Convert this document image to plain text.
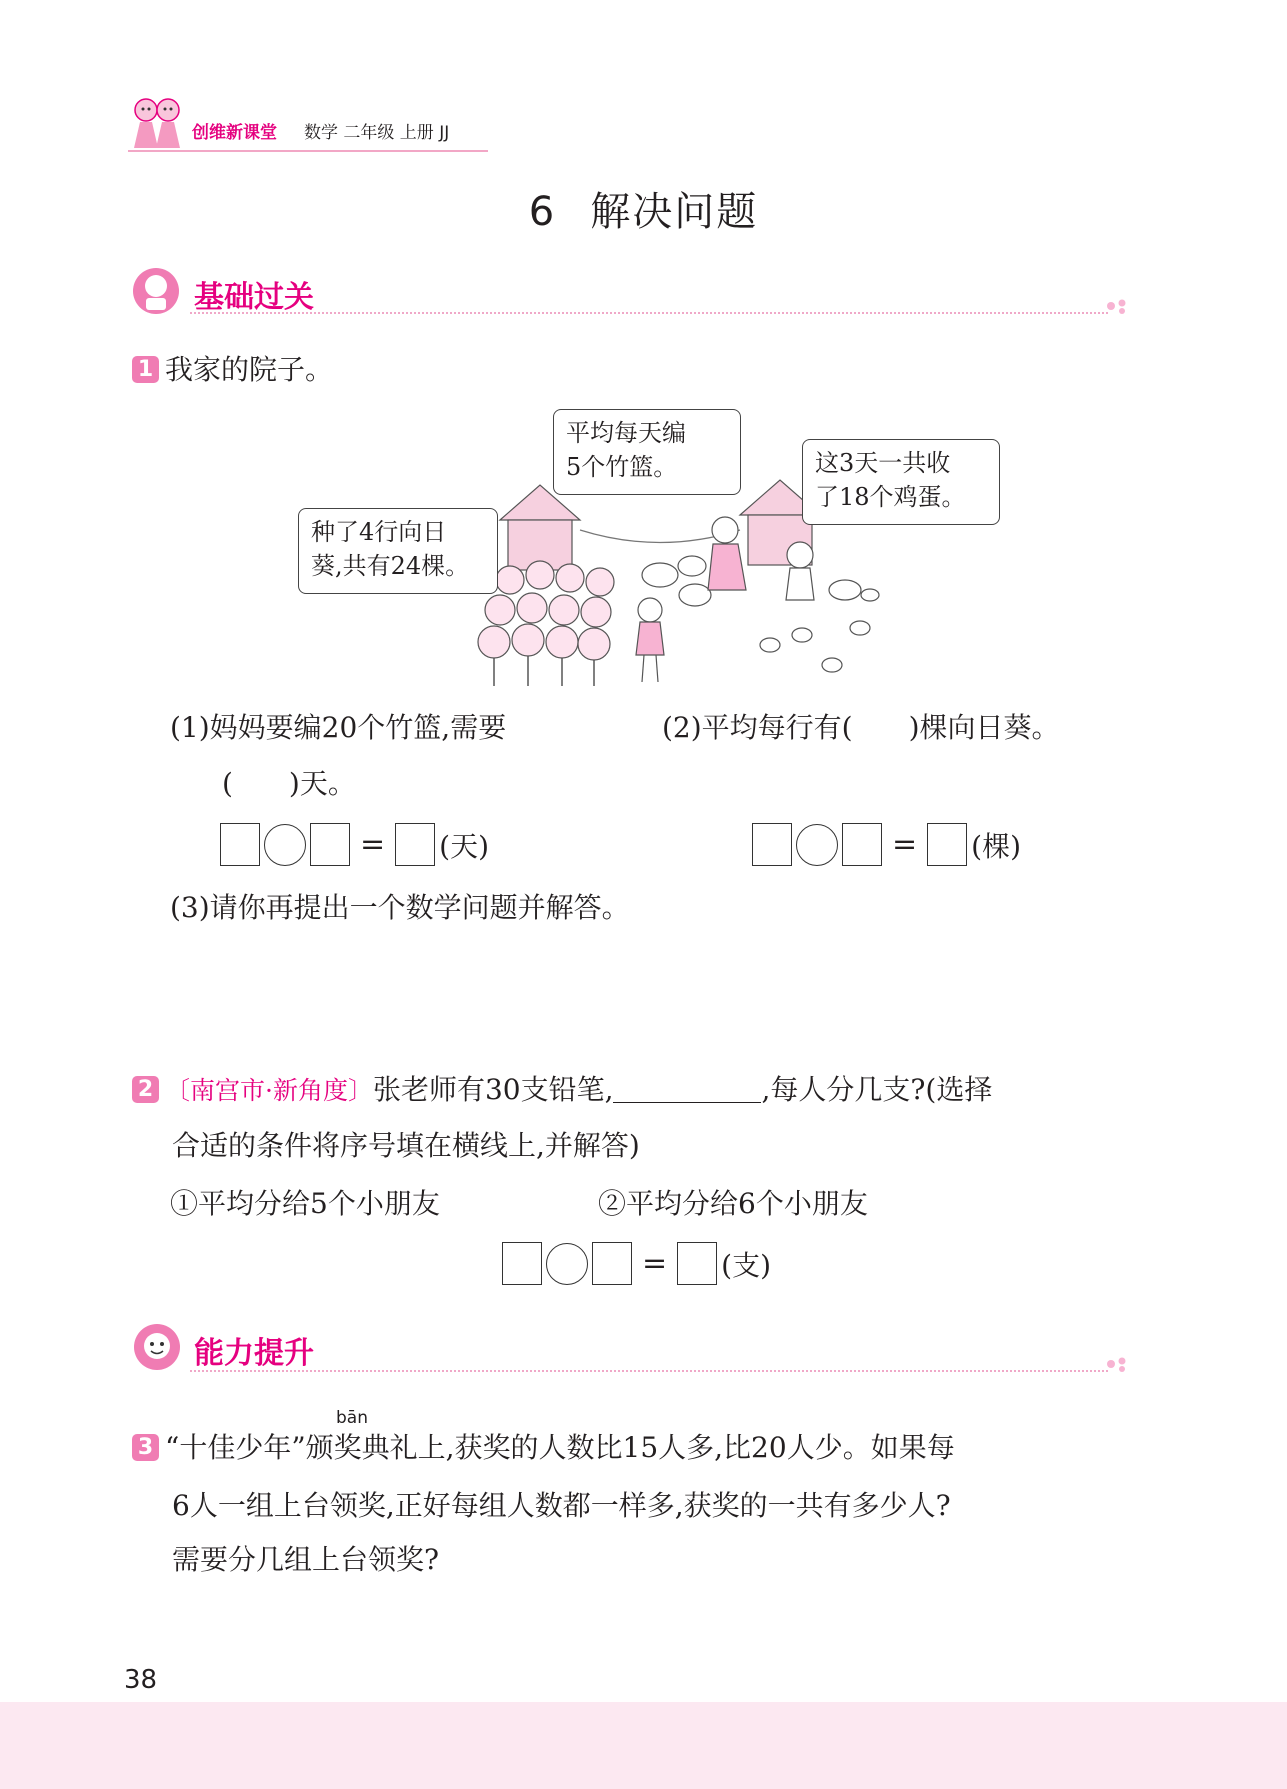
创维新课堂 数学 二年级 上册 JJ
6 解决问题
基础过关
1 我家的院子。
平均每天编
5个竹篮。	这3天一共收
了18个鸡蛋。
种了4行向日
葵,共有24棵。
(1)妈妈要编20个竹篮,需要
(　　)天。
(2)平均每行有(　　)棵向日葵。
= (天)	= (棵)
(3)请你再提出一个数学问题并解答。
2 〔南宫市·新角度〕张老师有30支铅笔,	,每人分几支?(选择
合适的条件将序号填在横线上,并解答)
①平均分给5个小朋友	②平均分给6个小朋友
= (支)
能力提升
bān
3 “十佳少年”颁奖典礼上,获奖的人数比15人多,比20人少。如果每
6人一组上台领奖,正好每组人数都一样多,获奖的一共有多少人?
需要分几组上台领奖?
38
